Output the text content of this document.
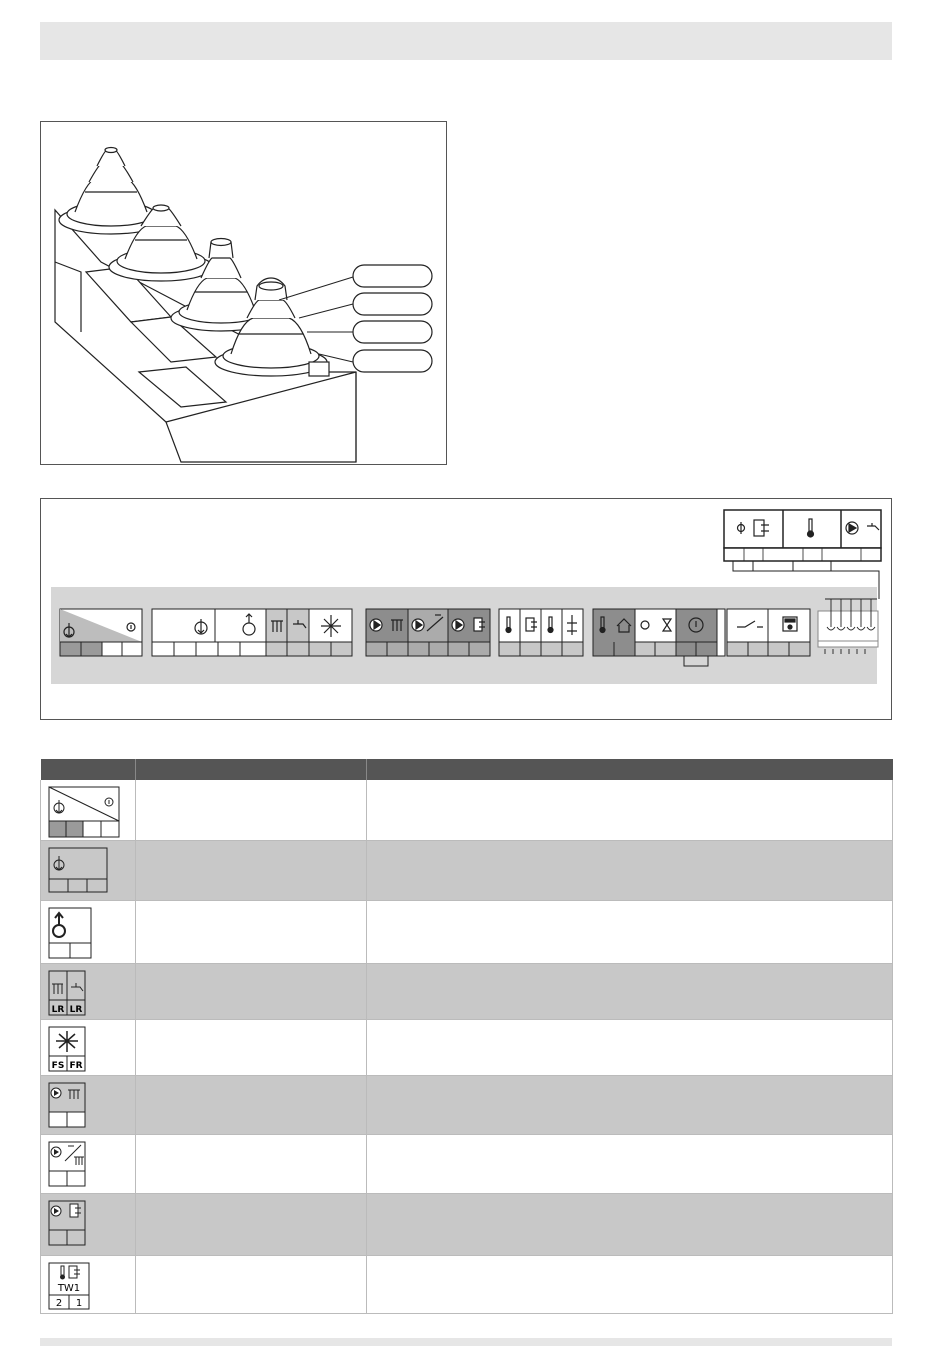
LR LR		

FS FR		

TW1
2 1		
